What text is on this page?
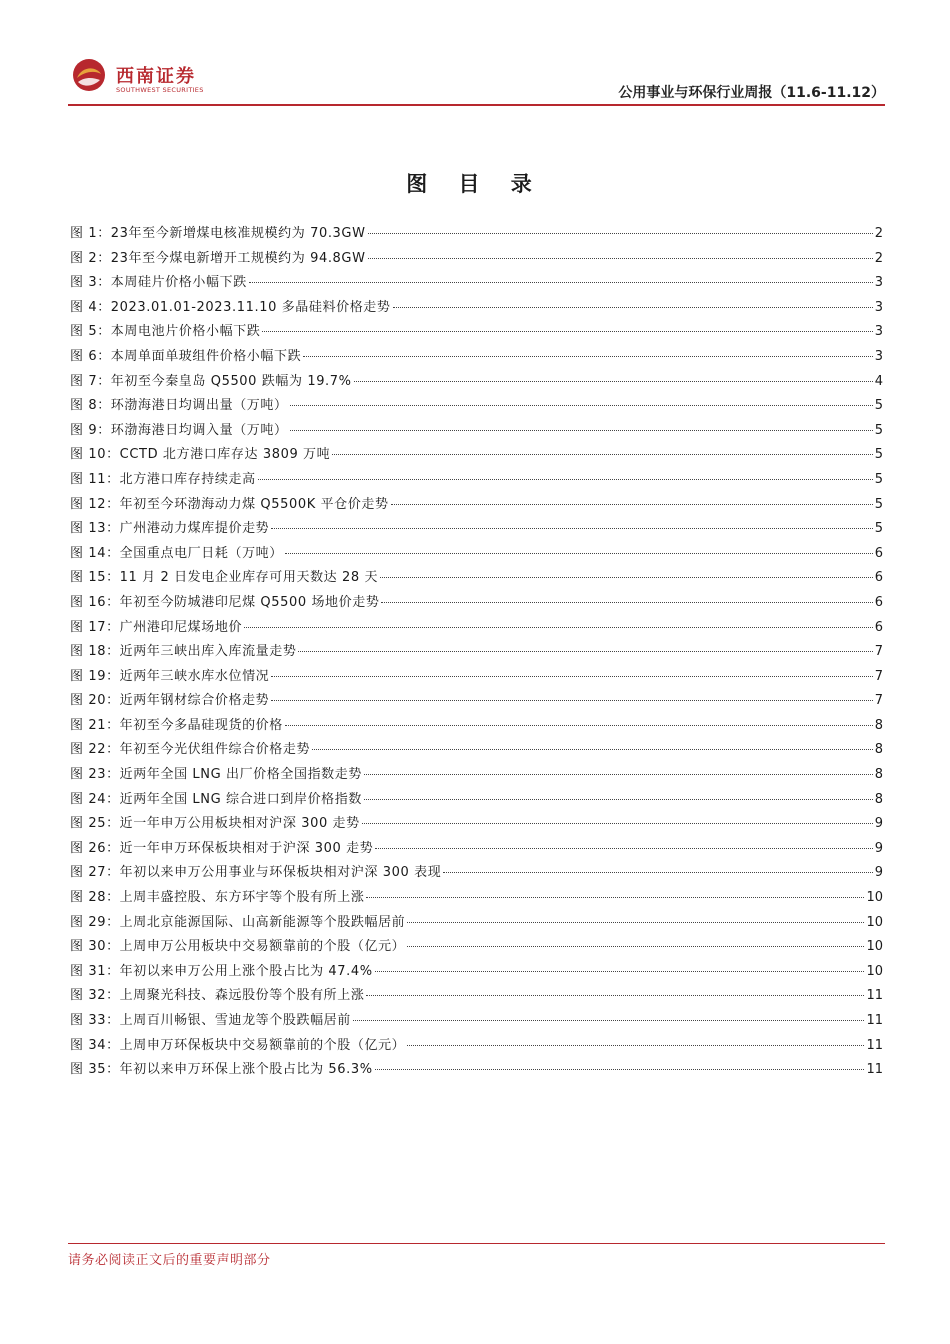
西南证券
SOUTHWEST SECURITIES	公用事业与环保行业周报（11.6-11.12）
图 目 录
图 1：23年至今新增煤电核准规模约为 70.3GW	2
图 2：23年至今煤电新增开工规模约为 94.8GW	2
图 3：本周硅片价格小幅下跌	3
图 4：2023.01.01-2023.11.10 多晶硅料价格走势	3
图 5：本周电池片价格小幅下跌	3
图 6：本周单面单玻组件价格小幅下跌	3
图 7：年初至今秦皇岛 Q5500 跌幅为 19.7%	4
图 8：环渤海港日均调出量（万吨）	5
图 9：环渤海港日均调入量（万吨）	5
图 10：CCTD 北方港口库存达 3809 万吨	5
图 11：北方港口库存持续走高	5
图 12：年初至今环渤海动力煤 Q5500K 平仓价走势	5
图 13：广州港动力煤库提价走势	5
图 14：全国重点电厂日耗（万吨）	6
图 15：11 月 2 日发电企业库存可用天数达 28 天	6
图 16：年初至今防城港印尼煤 Q5500 场地价走势	6
图 17：广州港印尼煤场地价	6
图 18：近两年三峡出库入库流量走势	7
图 19：近两年三峡水库水位情况	7
图 20：近两年钢材综合价格走势	7
图 21：年初至今多晶硅现货的价格	8
图 22：年初至今光伏组件综合价格走势	8
图 23：近两年全国 LNG 出厂价格全国指数走势	8
图 24：近两年全国 LNG 综合进口到岸价格指数	8
图 25：近一年申万公用板块相对沪深 300 走势	9
图 26：近一年申万环保板块相对于沪深 300 走势	9
图 27：年初以来申万公用事业与环保板块相对沪深 300 表现	9
图 28：上周丰盛控股、东方环宇等个股有所上涨	10
图 29：上周北京能源国际、山高新能源等个股跌幅居前	10
图 30：上周申万公用板块中交易额靠前的个股（亿元）	10
图 31：年初以来申万公用上涨个股占比为 47.4%	10
图 32：上周聚光科技、森远股份等个股有所上涨	11
图 33：上周百川畅银、雪迪龙等个股跌幅居前	11
图 34：上周申万环保板块中交易额靠前的个股（亿元）	11
图 35：年初以来申万环保上涨个股占比为 56.3%	11
请务必阅读正文后的重要声明部分
